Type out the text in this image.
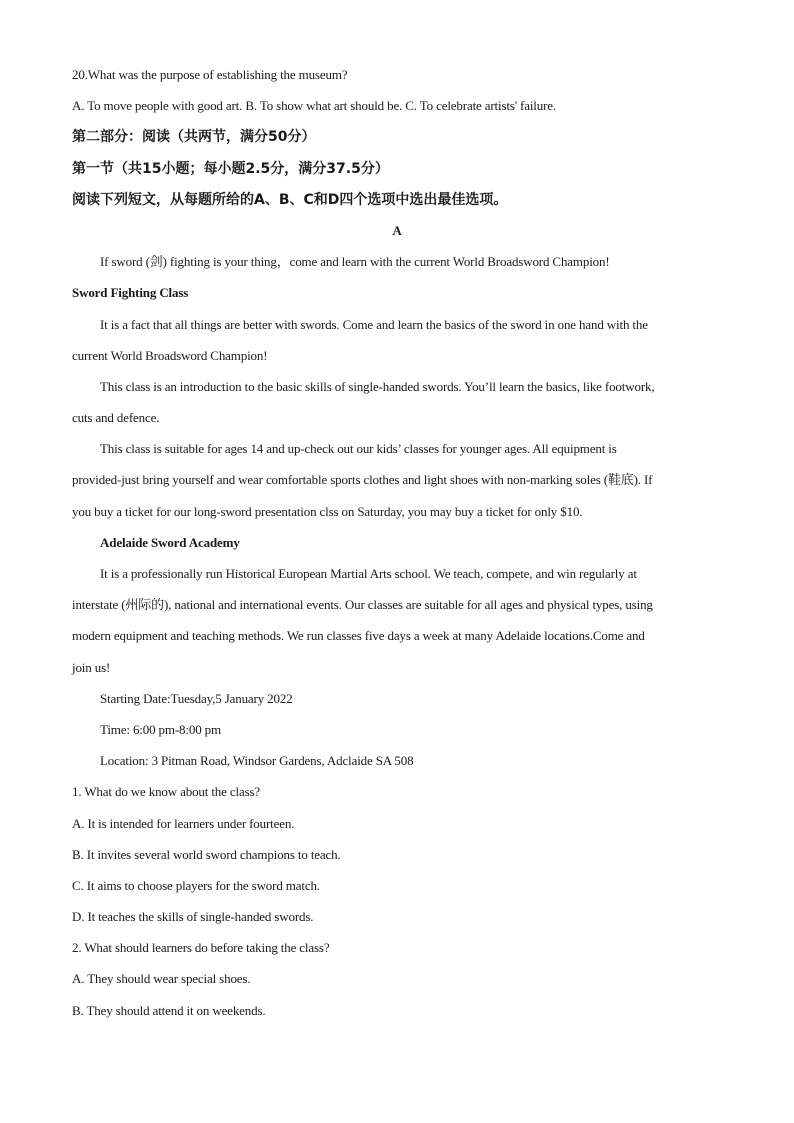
20.What was the purpose of establishing the museum?
A. To move people with good art. B. To show what art should be. C. To celebrate artists' failure.
第二部分：阅读（共两节，满分50分）
第一节（共15小题；每小题2.5分，满分37.5分）
阅读下列短文，从每题所给的A、B、C和D四个选项中选出最佳选项。
A
If sword (剑) fighting is your thing，come and learn with the current World Broadsword Champion!
Sword Fighting Class
It is a fact that all things are better with swords. Come and learn the basics of the sword in one hand with the
current World Broadsword Champion!
This class is an introduction to the basic skills of single-handed swords. You’ll learn the basics, like footwork,
cuts and defence.
This class is suitable for ages 14 and up-check out our kids’ classes for younger ages. All equipment is
provided-just bring yourself and wear comfortable sports clothes and light shoes with non-marking soles (鞋底). If
you buy a ticket for our long-sword presentation clss on Saturday, you may buy a ticket for only $10.
Adelaide Sword Academy
It is a professionally run Historical European Martial Arts school. We teach, compete, and win regularly at
interstate (州际的), national and international events. Our classes are suitable for all ages and physical types, using
modern equipment and teaching methods. We run classes five days a week at many Adelaide locations.Come and
join us!
Starting Date:Tuesday,5 January 2022
Time: 6:00 pm-8:00 pm
Location: 3 Pitman Road, Windsor Gardens, Adclaide SA 508
1. What do we know about the class?
A. It is intended for learners under fourteen.
B. It invites several world sword champions to teach.
C. It aims to choose players for the sword match.
D. It teaches the skills of single-handed swords.
2. What should learners do before taking the class?
A. They should wear special shoes.
B. They should attend it on weekends.
